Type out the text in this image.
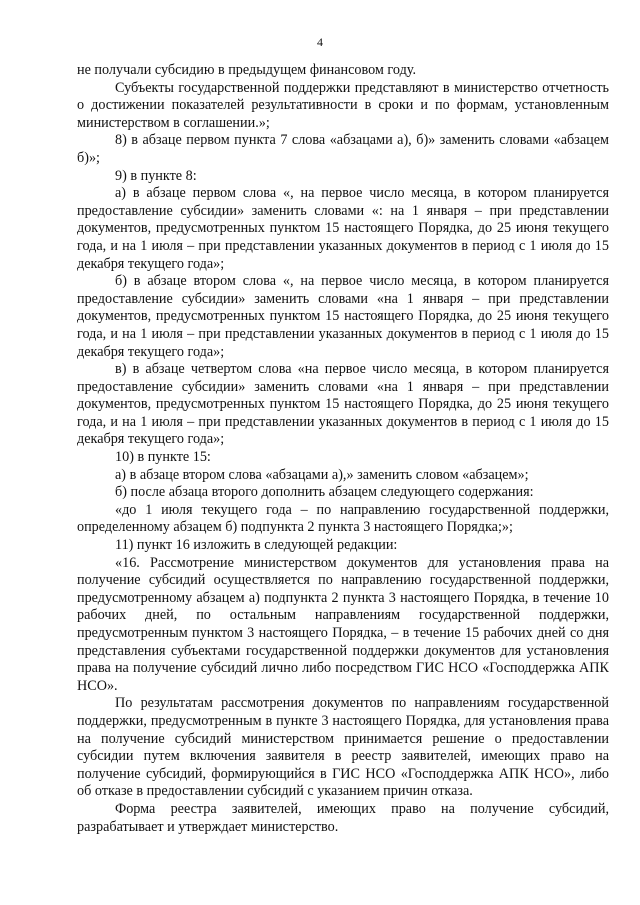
4

не получали субсидию в предыдущем финансовом году.

Субъекты государственной поддержки представляют в министерство отчетность о достижении показателей результативности в сроки и по формам, установленным министерством в соглашении.»;

8) в абзаце первом пункта 7 слова «абзацами а), б)» заменить словами «абзацем б)»;

9) в пункте 8:

а) в абзаце первом слова «, на первое число месяца, в котором планируется предоставление субсидии» заменить словами «: на 1 января – при представлении документов, предусмотренных пунктом 15 настоящего Порядка, до 25 июня текущего года, и на 1 июля – при представлении указанных документов в период с 1 июля до 15 декабря текущего года»;

б) в абзаце втором слова «, на первое число месяца, в котором планируется предоставление субсидии» заменить словами «на 1 января – при представлении документов, предусмотренных пунктом 15 настоящего Порядка, до 25 июня текущего года, и на 1 июля – при представлении указанных документов в период с 1 июля до 15 декабря текущего года»;

в) в абзаце четвертом слова «на первое число месяца, в котором планируется предоставление субсидии» заменить словами «на 1 января – при представлении документов, предусмотренных пунктом 15 настоящего Порядка, до 25 июня текущего года, и на 1 июля – при представлении указанных документов в период с 1 июля до 15 декабря текущего года»;

10) в пункте 15:

а) в абзаце втором слова «абзацами а),» заменить словом «абзацем»;

б) после абзаца второго дополнить абзацем следующего содержания:

«до 1 июля текущего года – по направлению государственной поддержки, определенному абзацем б) подпункта 2 пункта 3 настоящего Порядка;»;

11) пункт 16 изложить в следующей редакции:

«16. Рассмотрение министерством документов для установления права на получение субсидий осуществляется по направлению государственной поддержки, предусмотренному абзацем а) подпункта 2 пункта 3 настоящего Порядка, в течение 10 рабочих дней, по остальным направлениям государственной поддержки, предусмотренным пунктом 3 настоящего Порядка, – в течение 15 рабочих дней со дня представления субъектами государственной поддержки документов для установления права на получение субсидий лично либо посредством ГИС НСО «Господдержка АПК НСО».

По результатам рассмотрения документов по направлениям государственной поддержки, предусмотренным в пункте 3 настоящего Порядка, для установления права на получение субсидий министерством принимается решение о предоставлении субсидии путем включения заявителя в реестр заявителей, имеющих право на получение субсидий, формирующийся в ГИС НСО «Господдержка АПК НСО», либо об отказе в предоставлении субсидий с указанием причин отказа.

Форма реестра заявителей, имеющих право на получение субсидий, разрабатывает и утверждает министерство.
